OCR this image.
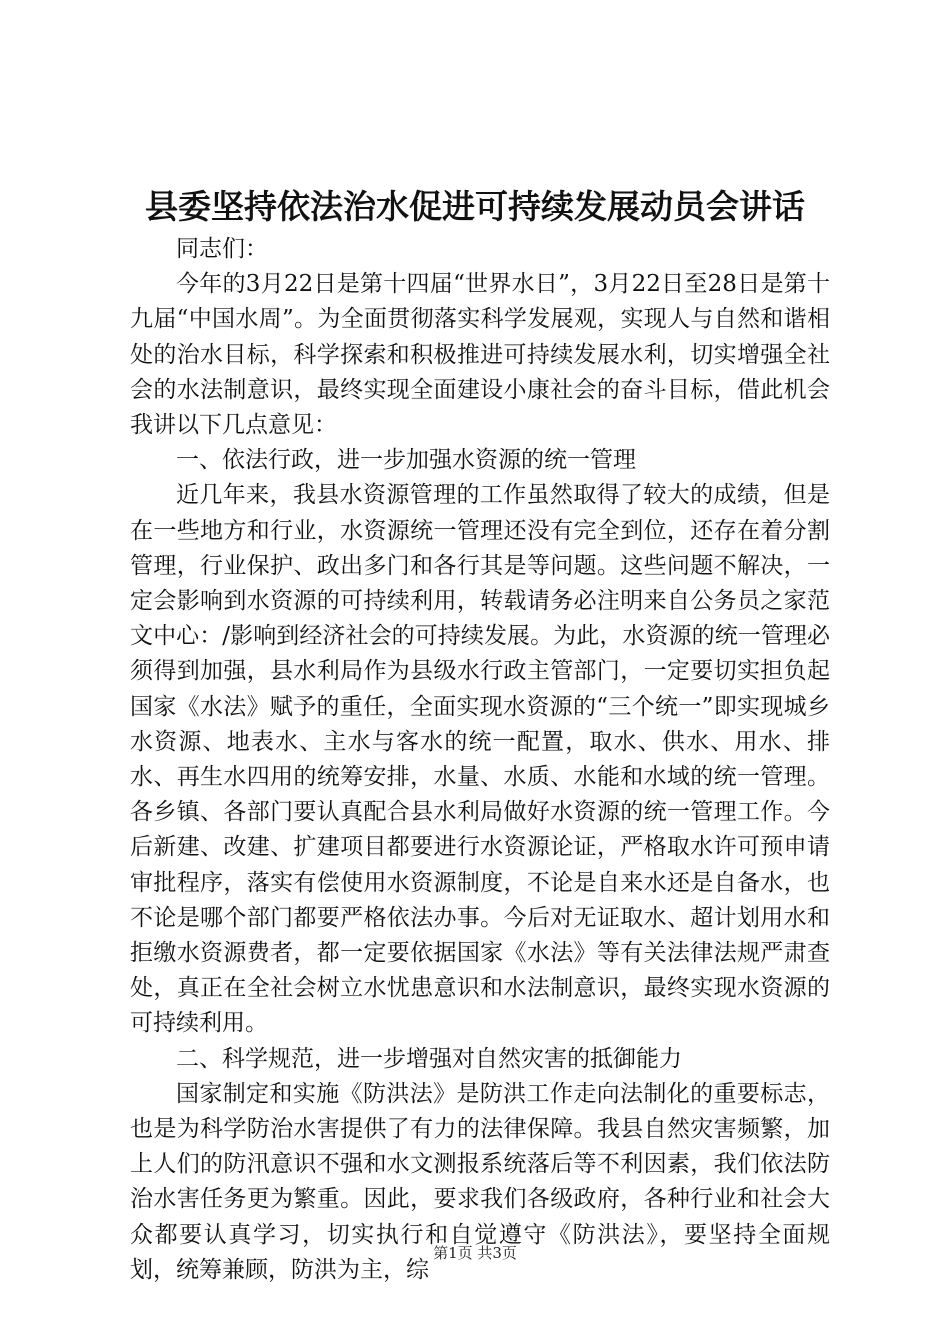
县委坚持依法治水促进可持续发展动员会讲话

同志们：

今年的3月22日是第十四届“世界水日”，3月22日至28日是第十九届“中国水周”。为全面贯彻落实科学发展观，实现人与自然和谐相处的治水目标，科学探索和积极推进可持续发展水利，切实增强全社会的水法制意识，最终实现全面建设小康社会的奋斗目标，借此机会我讲以下几点意见：

一、依法行政，进一步加强水资源的统一管理

近几年来，我县水资源管理的工作虽然取得了较大的成绩，但是在一些地方和行业，水资源统一管理还没有完全到位，还存在着分割管理，行业保护、政出多门和各行其是等问题。这些问题不解决，一定会影响到水资源的可持续利用，转载请务必注明来自公务员之家范文中心：/影响到经济社会的可持续发展。为此，水资源的统一管理必须得到加强，县水利局作为县级水行政主管部门，一定要切实担负起国家《水法》赋予的重任，全面实现水资源的“三个统一”即实现城乡水资源、地表水、主水与客水的统一配置，取水、供水、用水、排水、再生水四用的统筹安排，水量、水质、水能和水域的统一管理。各乡镇、各部门要认真配合县水利局做好水资源的统一管理工作。今后新建、改建、扩建项目都要进行水资源论证，严格取水许可预申请审批程序，落实有偿使用水资源制度，不论是自来水还是自备水，也不论是哪个部门都要严格依法办事。今后对无证取水、超计划用水和拒缴水资源费者，都一定要依据国家《水法》等有关法律法规严肃查处，真正在全社会树立水忧患意识和水法制意识，最终实现水资源的可持续利用。

二、科学规范，进一步增强对自然灾害的抵御能力

国家制定和实施《防洪法》是防洪工作走向法制化的重要标志，也是为科学防治水害提供了有力的法律保障。我县自然灾害频繁，加上人们的防汛意识不强和水文测报系统落后等不利因素，我们依法防治水害任务更为繁重。因此，要求我们各级政府，各种行业和社会大众都要认真学习，切实执行和自觉遵守《防洪法》，要坚持全面规划，统筹兼顾，防洪为主，综

第1页 共3页
